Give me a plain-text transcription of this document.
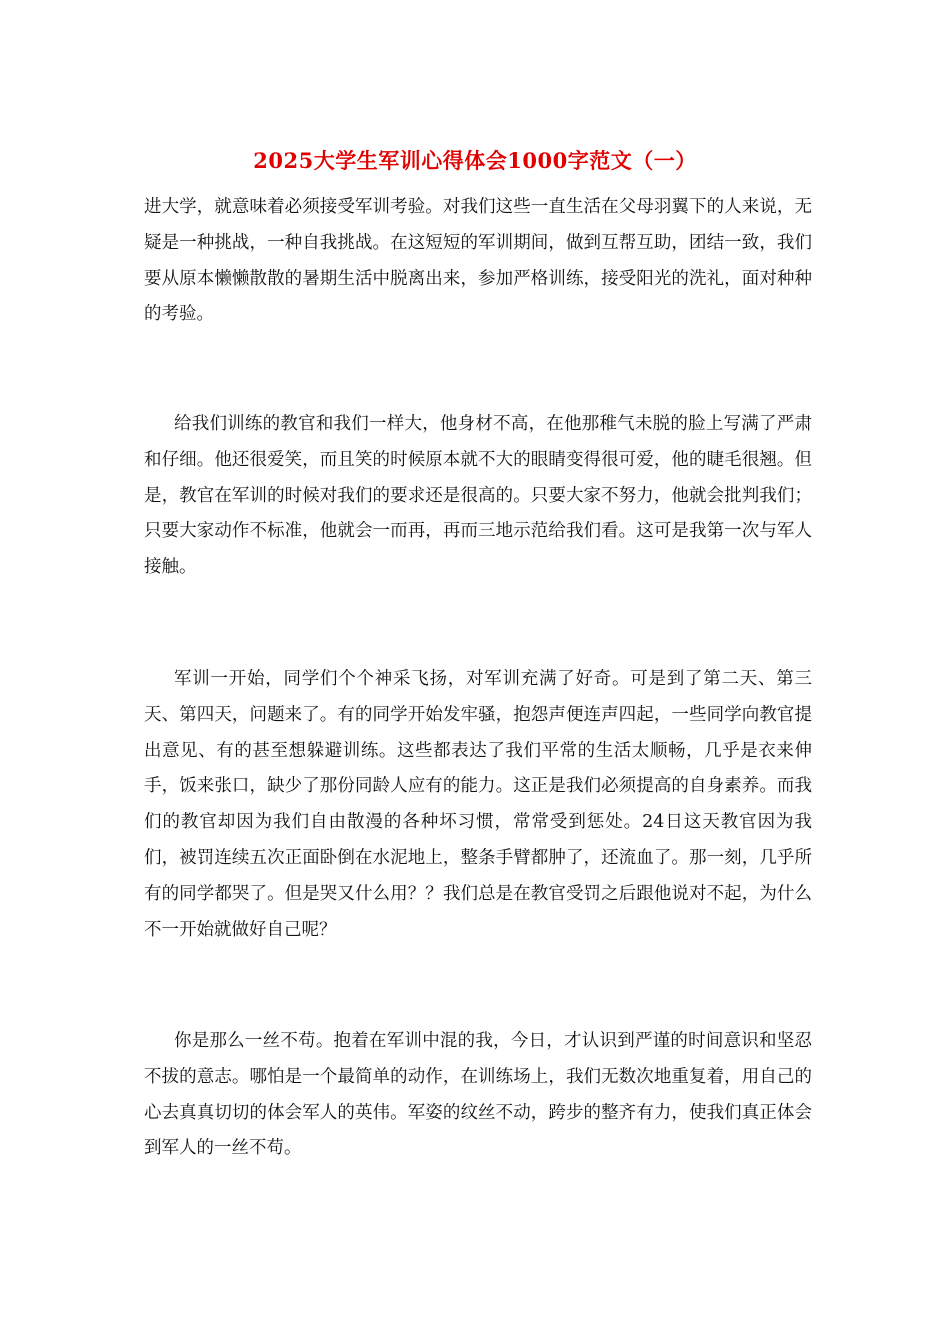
2025大学生军训心得体会1000字范文（一）

进大学，就意味着必须接受军训考验。对我们这些一直生活在父母羽翼下的人来说，无疑是一种挑战，一种自我挑战。在这短短的军训期间，做到互帮互助，团结一致，我们要从原本懒懒散散的暑期生活中脱离出来，参加严格训练，接受阳光的洗礼，面对种种的考验。

给我们训练的教官和我们一样大，他身材不高，在他那稚气未脱的脸上写满了严肃和仔细。他还很爱笑，而且笑的时候原本就不大的眼睛变得很可爱，他的睫毛很翘。但是，教官在军训的时候对我们的要求还是很高的。只要大家不努力，他就会批判我们；只要大家动作不标准，他就会一而再，再而三地示范给我们看。这可是我第一次与军人接触。

军训一开始，同学们个个神采飞扬，对军训充满了好奇。可是到了第二天、第三天、第四天，问题来了。有的同学开始发牢骚，抱怨声便连声四起，一些同学向教官提出意见、有的甚至想躲避训练。这些都表达了我们平常的生活太顺畅，几乎是衣来伸手，饭来张口，缺少了那份同龄人应有的能力。这正是我们必须提高的自身素养。而我们的教官却因为我们自由散漫的各种坏习惯，常常受到惩处。24日这天教官因为我们，被罚连续五次正面卧倒在水泥地上，整条手臂都肿了，还流血了。那一刻，几乎所有的同学都哭了。但是哭又什么用？？我们总是在教官受罚之后跟他说对不起，为什么不一开始就做好自己呢？

你是那么一丝不苟。抱着在军训中混的我，今日，才认识到严谨的时间意识和坚忍不拔的意志。哪怕是一个最简单的动作，在训练场上，我们无数次地重复着，用自己的心去真真切切的体会军人的英伟。军姿的纹丝不动，跨步的整齐有力，使我们真正体会到军人的一丝不苟。
